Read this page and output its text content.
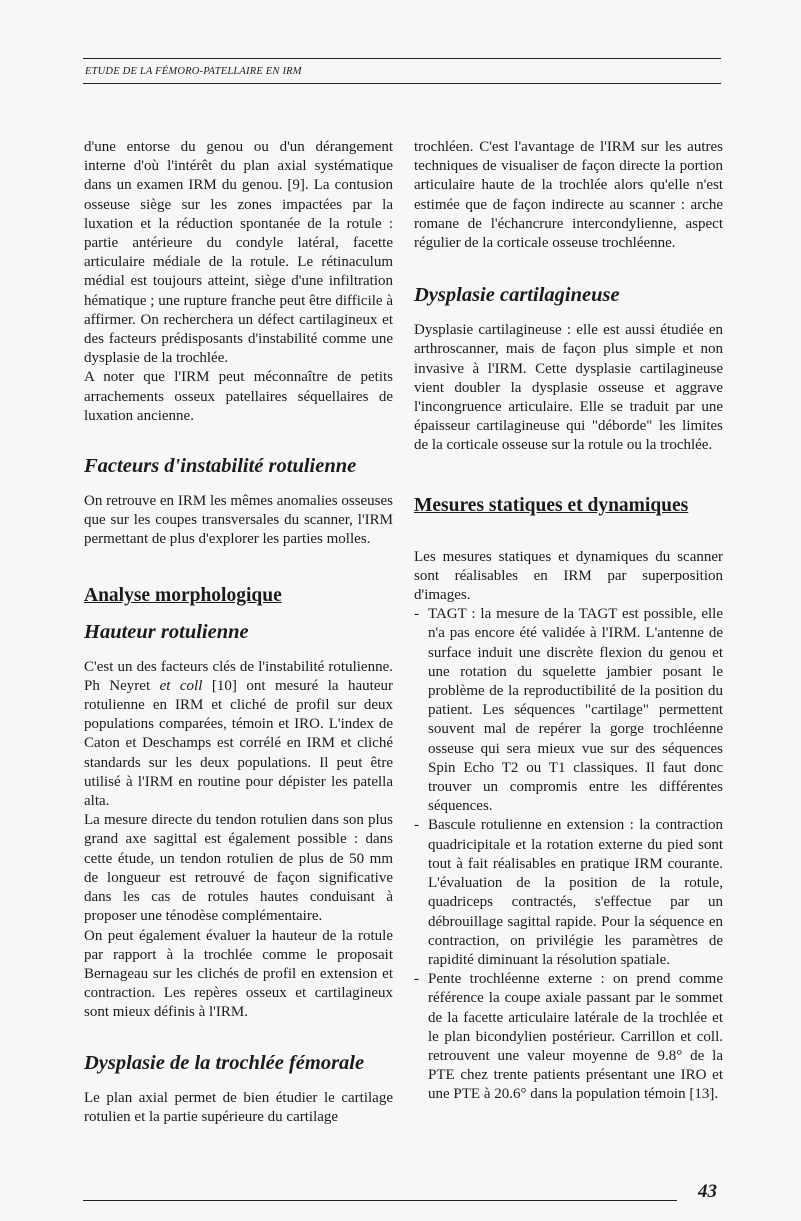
ETUDE DE LA FÉMORO-PATELLAIRE EN IRM

d'une entorse du genou ou d'un dérangement interne d'où l'intérêt du plan axial systématique dans un examen IRM du genou. [9]. La contusion osseuse siège sur les zones impactées par la luxation et la réduction spontanée de la rotule : partie antérieure du condyle latéral, facette articulaire médiale de la rotule. Le rétinaculum médial est toujours atteint, siège d'une infiltration hématique ; une rupture franche peut être difficile à affirmer. On recherchera un défect cartilagineux et des facteurs prédisposants d'instabilité comme une dysplasie de la trochlée.

A noter que l'IRM peut méconnaître de petits arrachements osseux patellaires séquellaires de luxation ancienne.

Facteurs d'instabilité rotulienne

On retrouve en IRM les mêmes anomalies osseuses que sur les coupes transversales du scanner, l'IRM permettant de plus d'explorer les parties molles.

Analyse morphologique
Hauteur rotulienne

C'est un des facteurs clés de l'instabilité rotulienne. Ph Neyret et coll [10] ont mesuré la hauteur rotulienne en IRM et cliché de profil sur deux populations comparées, témoin et IRO. L'index de Caton et Deschamps est corrélé en IRM et cliché standards sur les deux populations. Il peut être utilisé à l'IRM en routine pour dépister les patella alta.

La mesure directe du tendon rotulien dans son plus grand axe sagittal est également possible : dans cette étude, un tendon rotulien de plus de 50 mm de longueur est retrouvé de façon significative dans les cas de rotules hautes conduisant à proposer une ténodèse complémentaire.

On peut également évaluer la hauteur de la rotule par rapport à la trochlée comme le proposait Bernageau sur les clichés de profil en extension et contraction. Les repères osseux et cartilagineux sont mieux définis à l'IRM.

Dysplasie de la trochlée fémorale

Le plan axial permet de bien étudier le cartilage rotulien et la partie supérieure du cartilage

trochléen. C'est l'avantage de l'IRM sur les autres techniques de visualiser de façon directe la portion articulaire haute de la trochlée alors qu'elle n'est estimée que de façon indirecte au scanner : arche romane de l'échancrure intercondylienne, aspect régulier de la corticale osseuse trochléenne.

Dysplasie cartilagineuse

Dysplasie cartilagineuse : elle est aussi étudiée en arthroscanner, mais de façon plus simple et non invasive à l'IRM. Cette dysplasie cartilagineuse vient doubler la dysplasie osseuse et aggrave l'incongruence articulaire. Elle se traduit par une épaisseur cartilagineuse qui "déborde" les limites de la corticale osseuse sur la rotule ou la trochlée.

Mesures statiques et dynamiques

Les mesures statiques et dynamiques du scanner sont réalisables en IRM par superposition d'images.

- TAGT : la mesure de la TAGT est possible, elle n'a pas encore été validée à l'IRM. L'antenne de surface induit une discrète flexion du genou et une rotation du squelette jambier posant le problème de la reproductibilité de la position du patient. Les séquences "cartilage" permettent souvent mal de repérer la gorge trochléenne osseuse qui sera mieux vue sur des séquences Spin Echo T2 ou T1 classiques. Il faut donc trouver un compromis entre les différentes séquences.
- Bascule rotulienne en extension : la contraction quadricipitale et la rotation externe du pied sont tout à fait réalisables en pratique IRM courante. L'évaluation de la position de la rotule, quadriceps contractés, s'effectue par un débrouillage sagittal rapide. Pour la séquence en contraction, on privilégie les paramètres de rapidité diminuant la résolution spatiale.
- Pente trochléenne externe : on prend comme référence la coupe axiale passant par le sommet de la facette articulaire latérale de la trochlée et le plan bicondylien postérieur. Carrillon et coll. retrouvent une valeur moyenne de 9.8° de la PTE chez trente patients présentant une IRO et une PTE à 20.6° dans la population témoin [13].
43
